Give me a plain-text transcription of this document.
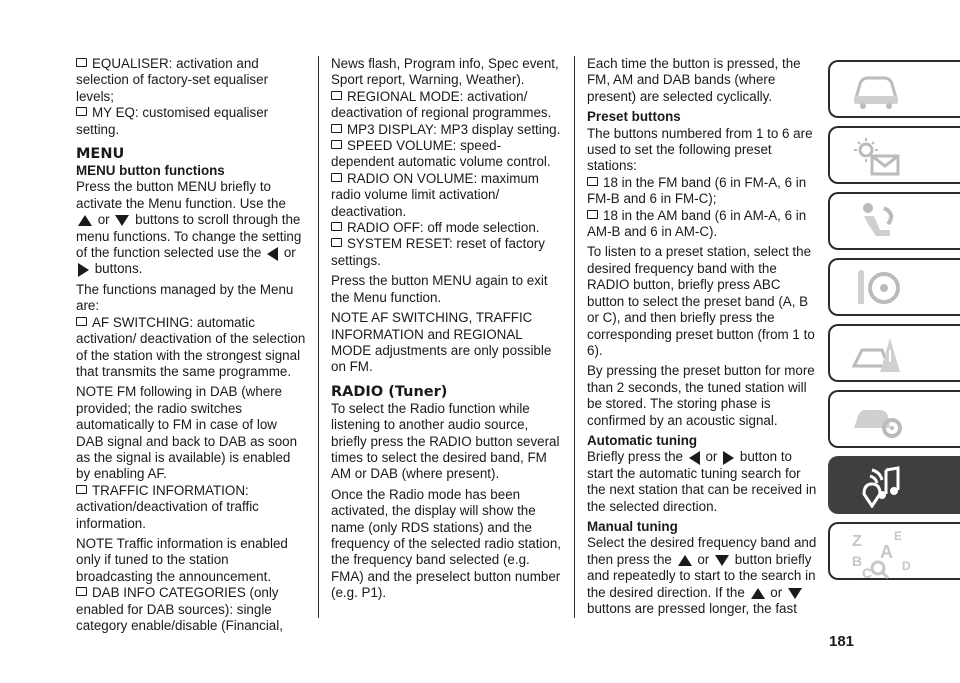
EQUALISER: activation and selection of factory-set equaliser levels;

MY EQ: customised equaliser setting.

MENU
MENU button functions

Press the button MENU briefly to activate the Menu function. Use the
or buttons to scroll through the menu functions. To change the setting of the function selected use the or
buttons.

The functions managed by the Menu are:

AF SWITCHING: automatic activation/ deactivation of the selection of the station with the strongest signal that transmits the same programme.

NOTE FM following in DAB (where provided; the radio switches automatically to FM in case of low DAB signal and back to DAB as soon as the signal is available) is enabled by enabling AF.

TRAFFIC INFORMATION: activation/deactivation of traffic information.

NOTE Traffic information is enabled only if tuned to the station broadcasting the announcement.

DAB INFO CATEGORIES (only enabled for DAB sources): single category enable/disable (Financial,

News flash, Program info, Spec event, Sport report, Warning, Weather).

REGIONAL MODE: activation/ deactivation of regional programmes.

MP3 DISPLAY: MP3 display setting.

SPEED VOLUME: speed-dependent automatic volume control.

RADIO ON VOLUME: maximum radio volume limit activation/ deactivation.

RADIO OFF: off mode selection.

SYSTEM RESET: reset of factory settings.

Press the button MENU again to exit the Menu function.

NOTE AF SWITCHING, TRAFFIC INFORMATION and REGIONAL MODE adjustments are only possible on FM.

RADIO (Tuner)

To select the Radio function while listening to another audio source, briefly press the RADIO button several times to select the desired band, FM AM or DAB (where present).

Once the Radio mode has been activated, the display will show the name (only RDS stations) and the frequency of the selected radio station, the frequency band selected (e.g. FMA) and the preselect button number (e.g. P1).

Each time the button is pressed, the FM, AM and DAB bands (where present) are selected cyclically.

Preset buttons

The buttons numbered from 1 to 6 are used to set the following preset stations:

18 in the FM band (6 in FM-A, 6 in FM-B and 6 in FM-C);

18 in the AM band (6 in AM-A, 6 in AM-B and 6 in AM-C).

To listen to a preset station, select the desired frequency band with the RADIO button, briefly press ABC button to select the preset band (A, B or C), and then briefly press the corresponding preset button (from 1 to 6).

By pressing the preset button for more than 2 seconds, the tuned station will be stored. The storing phase is confirmed by an acoustic signal.

Automatic tuning

Briefly press the or button to start the automatic tuning search for the next station that can be received in the selected direction.

Manual tuning

Select the desired frequency band and then press the or button briefly and repeatedly to start to the search in the desired direction. If the or  buttons are pressed longer, the fast

181
Z	E
B A
C D
